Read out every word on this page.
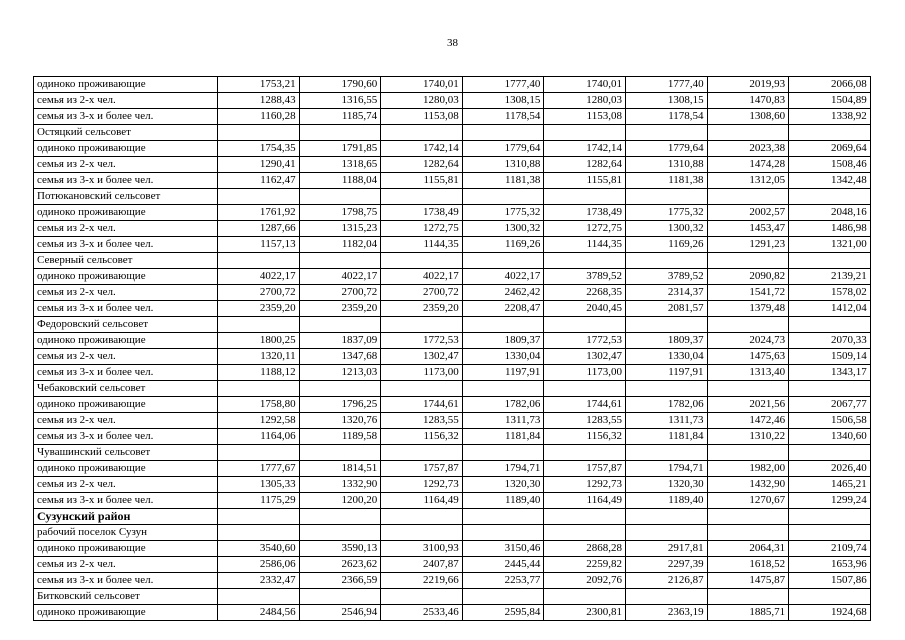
38
одиноко проживающие	1753,21	1790,60	1740,01	1777,40	1740,01	1777,40	2019,93	2066,08
семья из 2-х чел.	1288,43	1316,55	1280,03	1308,15	1280,03	1308,15	1470,83	1504,89
семья из 3-х и более чел.	1160,28	1185,74	1153,08	1178,54	1153,08	1178,54	1308,60	1338,92
Остяцкий сельсовет								
одиноко проживающие	1754,35	1791,85	1742,14	1779,64	1742,14	1779,64	2023,38	2069,64
семья из 2-х чел.	1290,41	1318,65	1282,64	1310,88	1282,64	1310,88	1474,28	1508,46
семья из 3-х и более чел.	1162,47	1188,04	1155,81	1181,38	1155,81	1181,38	1312,05	1342,48
Потюкановский сельсовет								
одиноко проживающие	1761,92	1798,75	1738,49	1775,32	1738,49	1775,32	2002,57	2048,16
семья из 2-х чел.	1287,66	1315,23	1272,75	1300,32	1272,75	1300,32	1453,47	1486,98
семья из 3-х и более чел.	1157,13	1182,04	1144,35	1169,26	1144,35	1169,26	1291,23	1321,00
Северный сельсовет								
одиноко проживающие	4022,17	4022,17	4022,17	4022,17	3789,52	3789,52	2090,82	2139,21
семья из 2-х чел.	2700,72	2700,72	2700,72	2462,42	2268,35	2314,37	1541,72	1578,02
семья из 3-х и более чел.	2359,20	2359,20	2359,20	2208,47	2040,45	2081,57	1379,48	1412,04
Федоровский сельсовет								
одиноко проживающие	1800,25	1837,09	1772,53	1809,37	1772,53	1809,37	2024,73	2070,33
семья из 2-х чел.	1320,11	1347,68	1302,47	1330,04	1302,47	1330,04	1475,63	1509,14
семья из 3-х и более чел.	1188,12	1213,03	1173,00	1197,91	1173,00	1197,91	1313,40	1343,17
Чебаковский сельсовет								
одиноко проживающие	1758,80	1796,25	1744,61	1782,06	1744,61	1782,06	2021,56	2067,77
семья из 2-х чел.	1292,58	1320,76	1283,55	1311,73	1283,55	1311,73	1472,46	1506,58
семья из 3-х и более чел.	1164,06	1189,58	1156,32	1181,84	1156,32	1181,84	1310,22	1340,60
Чувашинский сельсовет								
одиноко проживающие	1777,67	1814,51	1757,87	1794,71	1757,87	1794,71	1982,00	2026,40
семья из 2-х чел.	1305,33	1332,90	1292,73	1320,30	1292,73	1320,30	1432,90	1465,21
семья из 3-х и более чел.	1175,29	1200,20	1164,49	1189,40	1164,49	1189,40	1270,67	1299,24
Сузунский район								
рабочий поселок Сузун								
одиноко проживающие	3540,60	3590,13	3100,93	3150,46	2868,28	2917,81	2064,31	2109,74
семья из 2-х чел.	2586,06	2623,62	2407,87	2445,44	2259,82	2297,39	1618,52	1653,96
семья из 3-х и более чел.	2332,47	2366,59	2219,66	2253,77	2092,76	2126,87	1475,87	1507,86
Битковский сельсовет								
одиноко проживающие	2484,56	2546,94	2533,46	2595,84	2300,81	2363,19	1885,71	1924,68
